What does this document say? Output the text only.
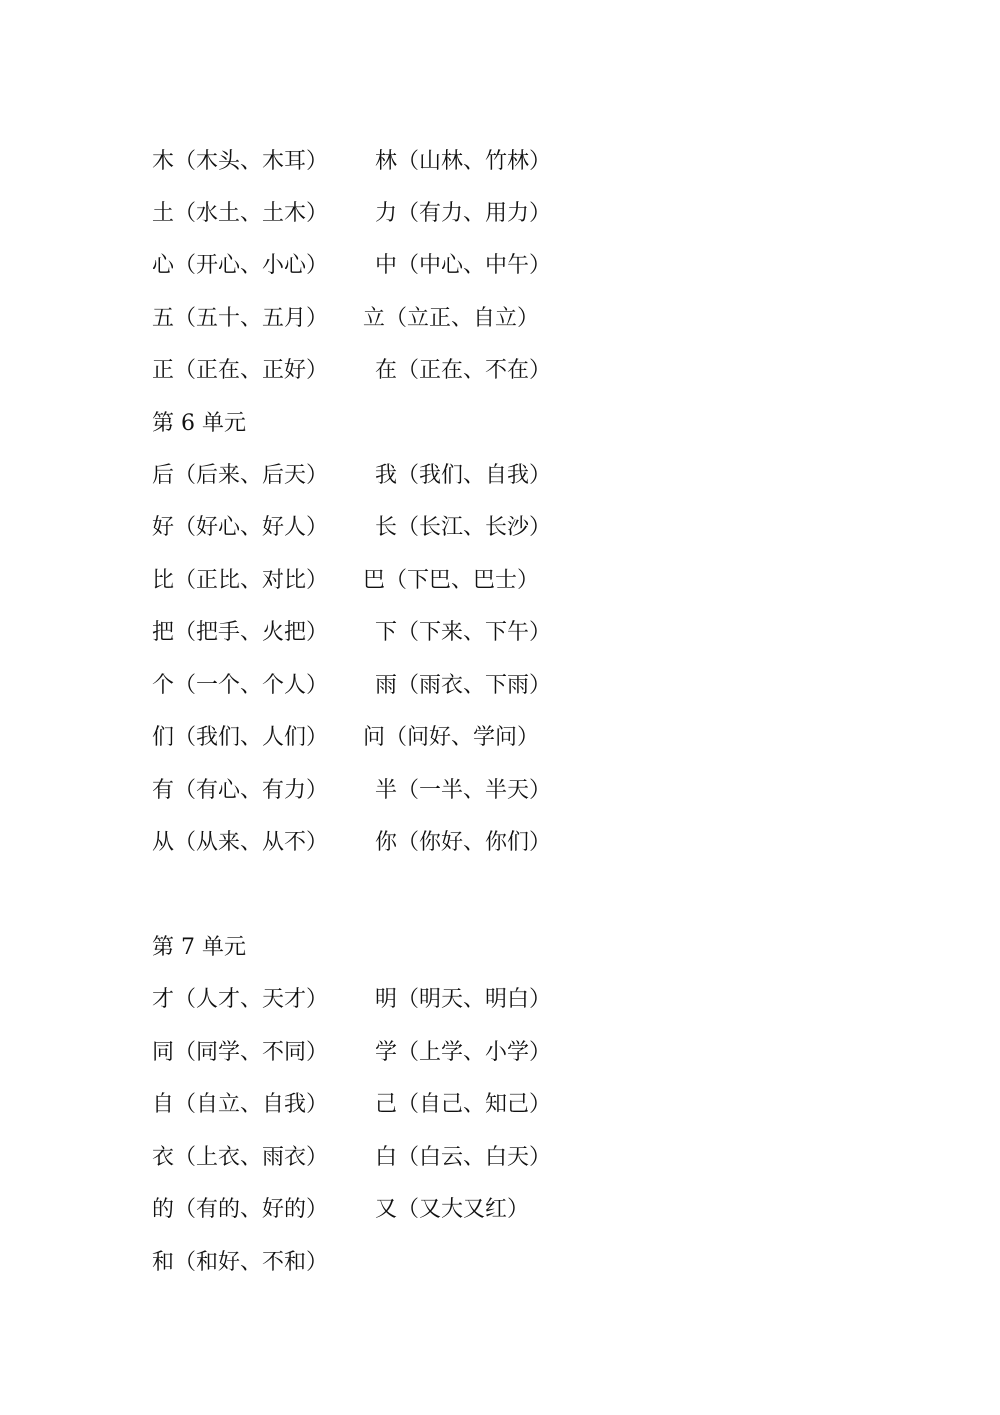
木（木头、木耳） 林（山林、竹林）
土（水土、土木） 力（有力、用力）
心（开心、小心） 中（中心、中午）
五（五十、五月） 立（立正、自立）
正（正在、正好） 在（正在、不在）
第 6 单元
后（后来、后天） 我（我们、自我）
好（好心、好人） 长（长江、长沙）
比（正比、对比） 巴（下巴、巴士）
把（把手、火把） 下（下来、下午）
个（一个、个人） 雨（雨衣、下雨）
们（我们、人们） 问（问好、学问）
有（有心、有力） 半（一半、半天）
从（从来、从不） 你（你好、你们）
第 7 单元
才（人才、天才） 明（明天、明白）
同（同学、不同） 学（上学、小学）
自（自立、自我） 己（自己、知己）
衣（上衣、雨衣） 白（白云、白天）
的（有的、好的） 又（又大又红）
和（和好、不和）
